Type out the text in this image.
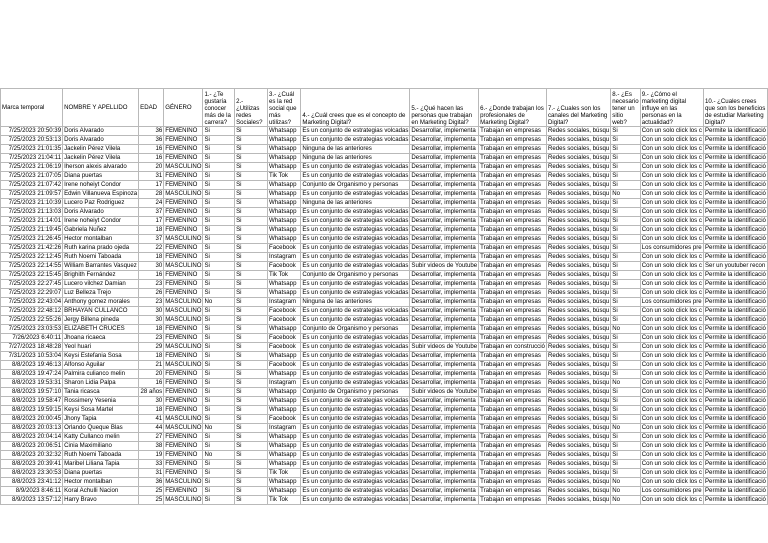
Marca temporal	NOMBRE Y APELLIDO	EDAD	GÉNERO	1.- ¿Te gustaría conocer más de la carrera?	2.- ¿Utilizas redes Sociales?	3.- ¿Cuál es la red social que más utilizas?	4.- ¿Cuál crees que es el concepto de Marketing Digital?	5.- ¿Qué hacen las personas que trabajan en Marketing Digital?	6.- ¿Donde trabajan los profesionales de Marketing Digital?	7.- ¿Cuales son los canales del Marketing Digital?	8.- ¿Es necesario tener un sitio web?	9.- ¿Cómo el marketing digital influye en las personas en la actualidad?	10.- ¿Cuales crees que son los beneficios de estudiar Marketing Digital?
7/25/2023 20:50:39	Doris Alvarado	36	FEMENINO	Si	Si	Whatsapp	Es un conjunto de estrategias volcadas	Desarrollar, implementa	Trabajan en empresas	Redes sociales, búsqu	Si	Con un solo click los c	Permite la identificació
7/25/2023 20:53:13	Doris Alvarado	36	FEMENINO	Si	Si	Whatsapp	Es un conjunto de estrategias volcadas	Desarrollar, implementa	Trabajan en empresas	Redes sociales, búsqu	Si	Con un solo click los c	Permite la identificació
7/25/2023 21:01:35	Jackelin Pérez Vilela	16	FEMENINO	Si	Si	Whatsapp	Ninguna de las anteriores	Desarrollar, implementa	Trabajan en empresas	Redes sociales, búsqu	Si	Con un solo click los c	Permite la identificació
7/25/2023 21:04:11	Jackelin Pérez Vilela	16	FEMENINO	Si	Si	Whatsapp	Ninguna de las anteriores	Desarrollar, implementa	Trabajan en empresas	Redes sociales, búsqu	Si	Con un solo click los c	Permite la identificació
7/25/2023 21:06:19	Iherson alexis alvarado	20	MASCULINO	Si	Si	Whatsapp	Es un conjunto de estrategias volcadas	Desarrollar, implementa	Trabajan en empresas	Redes sociales, búsqu	Si	Con un solo click los c	Permite la identificació
7/25/2023 21:07:05	Diana puertas	31	FEMENINO	Si	Si	Tik Tok	Es un conjunto de estrategias volcadas	Desarrollar, implementa	Trabajan en empresas	Redes sociales, búsqu	Si	Con un solo click los c	Permite la identificació
7/25/2023 21:07:42	Irene noheiyt Condor	17	FEMENINO	Si	Si	Whatsapp	Conjunto de Organismo y personas	Desarrollar, implementa	Trabajan en empresas	Redes sociales, búsqu	Si	Con un solo click los c	Permite la identificació
7/25/2023 21:09:57	Edwin Villanueva Espinoza	28	MASCULINO	Si	Si	Whatsapp	Es un conjunto de estrategias volcadas	Desarrollar, implementa	Trabajan en empresas	Redes sociales, búsqu	No	Con un solo click los c	Permite la identificació
7/25/2023 21:10:39	Lucero Paz Rodriguez	24	FEMENINO	Si	Si	Whatsapp	Ninguna de las anteriores	Desarrollar, implementa	Trabajan en empresas	Redes sociales, búsqu	Si	Con un solo click los c	Permite la identificació
7/25/2023 21:13:03	Doris Alvarado	37	FEMENINO	Si	Si	Whatsapp	Es un conjunto de estrategias volcadas	Desarrollar, implementa	Trabajan en empresas	Redes sociales, búsqu	Si	Con un solo click los c	Permite la identificació
7/25/2023 21:14:01	Irene noheiyt Condor	17	FEMENINO	Si	Si	Whatsapp	Es un conjunto de estrategias volcadas	Desarrollar, implementa	Trabajan en empresas	Redes sociales, búsqu	Si	Con un solo click los c	Permite la identificació
7/25/2023 21:19:45	Gabriela Nuñez	18	FEMENINO	Si	Si	Whatsapp	Es un conjunto de estrategias volcadas	Desarrollar, implementa	Trabajan en empresas	Redes sociales, búsqu	Si	Con un solo click los c	Permite la identificació
7/25/2023 21:26:45	Hector montalban	37	MASCULINO	Si	Si	Whatsapp	Es un conjunto de estrategias volcadas	Desarrollar, implementa	Trabajan en empresas	Redes sociales, búsqu	Si	Con un solo click los c	Permite la identificació
7/25/2023 21:42:26	Ruth karina prado ojeda	22	FEMENINO	Si	Si	Facebook	Es un conjunto de estrategias volcadas	Desarrollar, implementa	Trabajan en empresas	Redes sociales, búsqu	Si	Los consumidores pre	Permite la identificació
7/25/2023 22:12:45	Ruth Noemi Taboada	18	FEMENINO	Si	Si	Instagram	Es un conjunto de estrategias volcadas	Desarrollar, implementa	Trabajan en empresas	Redes sociales, búsqu	Si	Con un solo click los c	Permite la identificació
7/25/2023 22:14:55	William Barrantes Vasquez	30	MASCULINO	Si	Si	Facebook	Es un conjunto de estrategias volcadas	Subir videos de Youtube	Trabajan en empresas	Redes sociales, búsqu	Si	Con un solo click los c	Ser un youtuber recon
7/25/2023 22:15:45	Brighith Fernández	16	FEMENINO	Si	Si	Tik Tok	Conjunto de Organismo y personas	Desarrollar, implementa	Trabajan en empresas	Redes sociales, búsqu	Si	Con un solo click los c	Permite la identificació
7/25/2023 22:27:45	Lucero vilchez Damian	23	FEMENINO	Si	Si	Whatsapp	Es un conjunto de estrategias volcadas	Desarrollar, implementa	Trabajan en empresas	Redes sociales, búsqu	Si	Con un solo click los c	Permite la identificació
7/25/2023 22:29:07	Luz Belleza Trejo	26	FEMENINO	Si	Si	Whatsapp	Es un conjunto de estrategias volcadas	Desarrollar, implementa	Trabajan en empresas	Redes sociales, búsqu	Si	Con un solo click los c	Permite la identificació
7/25/2023 22:43:04	Anthony gomez morales	23	MASCULINO	No	Si	Instagram	Ninguna de las anteriores	Desarrollar, implementa	Trabajan en empresas	Redes sociales, búsqu	Si	Los consumidores pre	Permite la identificació
7/25/2023 22:48:12	BRHAYAN CULLANCO	30	MASCULINO	Si	Si	Facebook	Es un conjunto de estrategias volcadas	Desarrollar, implementa	Trabajan en empresas	Redes sociales, búsqu	Si	Con un solo click los c	Permite la identificació
7/25/2023 22:55:26	Jergy Billena pineda	30	MASCULINO	Si	Si	Facebook	Es un conjunto de estrategias volcadas	Desarrollar, implementa	Trabajan en empresas	Redes sociales, búsqu	Si	Con un solo click los c	Permite la identificació
7/25/2023 23:03:53	ELIZABETH CRUCES	18	FEMENINO	Si	Si	Whatsapp	Conjunto de Organismo y personas	Desarrollar, implementa	Trabajan en empresas	Redes sociales, búsqu	No	Con un solo click los c	Permite la identificació
7/26/2023 6:40:11	Jhoana ricaeca	23	FEMENINO	Si	Si	Facebook	Es un conjunto de estrategias volcadas	Desarrollar, implementa	Trabajan en empresas	Redes sociales, búsqu	Si	Con un solo click los c	Permite la identificació
7/27/2023 18:48:28	Yeol huari	29	MASCULINO	Si	Si	Facebook	Es un conjunto de estrategias volcadas	Subir videos de Youtube	Trabajan en construcció	Redes sociales, búsqu	Si	Con un solo click los c	Permite la identificació
7/31/2023 10:53:04	Keysi Estefania Sosa	18	FEMENINO	Si	Si	Whatsapp	Es un conjunto de estrategias volcadas	Desarrollar, implementa	Trabajan en empresas	Redes sociales, búsqu	Si	Con un solo click los c	Permite la identificació
8/8/2023 19:46:13	Alfonso Aguilar	21	MASCULINO	Si	Si	Facebook	Es un conjunto de estrategias volcadas	Desarrollar, implementa	Trabajan en empresas	Redes sociales, búsqu	Si	Con un solo click los c	Permite la identificació
8/8/2023 19:47:24	Palmira culianco melin	20	FEMENINO	Si	Si	Whatsapp	Es un conjunto de estrategias volcadas	Desarrollar, implementa	Trabajan en empresas	Redes sociales, búsqu	Si	Con un solo click los c	Permite la identificació
8/8/2023 19:53:31	Sharon Lidia Palpa	16	FEMENINO	Si	Si	Instagram	Es un conjunto de estrategias volcadas	Desarrollar, implementa	Trabajan en empresas	Redes sociales, búsqu	No	Con un solo click los c	Permite la identificació
8/8/2023 19:57:10	Tania ricasca	28 años	FEMENINO	Si	Si	Whatsapp	Conjunto de Organismo y personas	Subir videos de Youtube	Trabajan en empresas	Redes sociales, búsqu	Si	Con un solo click los c	Permite la identificació
8/8/2023 19:58:47	Rossimery Yesenia	30	FEMENINO	Si	Si	Whatsapp	Es un conjunto de estrategias volcadas	Desarrollar, implementa	Trabajan en empresas	Redes sociales, búsqu	Si	Con un solo click los c	Permite la identificació
8/8/2023 19:59:15	Keysi Sosa Martel	18	FEMENINO	Si	Si	Whatsapp	Es un conjunto de estrategias volcadas	Desarrollar, implementa	Trabajan en empresas	Redes sociales, búsqu	Si	Con un solo click los c	Permite la identificació
8/8/2023 20:00:45	Jhony Tapia	41	MASCULINO	Si	Si	Facebook	Es un conjunto de estrategias volcadas	Desarrollar, implementa	Trabajan en empresas	Redes sociales, búsqu	Si	Con un solo click los c	Permite la identificació
8/8/2023 20:03:13	Orlando Queque Blas	44	MASCULINO	No	Si	Instagram	Es un conjunto de estrategias volcadas	Desarrollar, implementa	Trabajan en empresas	Redes sociales, búsqu	No	Con un solo click los c	Permite la identificació
8/8/2023 20:04:14	Katty Cullanco melin	27	FEMENINO	Si	Si	Whatsapp	Es un conjunto de estrategias volcadas	Desarrollar, implementa	Trabajan en empresas	Redes sociales, búsqu	Si	Con un solo click los c	Permite la identificació
8/8/2023 20:06:51	Cinia Maximiliano	38	FEMENINO	Si	Si	Whatsapp	Es un conjunto de estrategias volcadas	Desarrollar, implementa	Trabajan en empresas	Redes sociales, búsqu	Si	Con un solo click los c	Permite la identificació
8/8/2023 20:32:32	Ruth Noemi Taboada	19	FEMENINO	No	Si	Whatsapp	Es un conjunto de estrategias volcadas	Desarrollar, implementa	Trabajan en empresas	Redes sociales, búsqu	Si	Con un solo click los c	Permite la identificació
8/8/2023 20:39:41	Maribel Liliana Tapia	33	FEMENINO	Si	Si	Whatsapp	Es un conjunto de estrategias volcadas	Desarrollar, implementa	Trabajan en empresas	Redes sociales, búsqu	Si	Con un solo click los c	Permite la identificació
8/8/2023 23:30:53	Diana puertas	31	FEMENINO	Si	Si	Tik Tok	Es un conjunto de estrategias volcadas	Desarrollar, implementa	Trabajan en empresas	Redes sociales, búsqu	Si	Con un solo click los c	Permite la identificació
8/8/2023 23:41:12	Hector montalban	36	MASCULINO	Si	Si	Whatsapp	Es un conjunto de estrategias volcadas	Desarrollar, implementa	Trabajan en empresas	Redes sociales, búsqu	No	Con un solo click los c	Permite la identificació
8/9/2023 8:46:11	Koral Achulli Nacion	25	FEMENINO	Si	Si	Whatsapp	Es un conjunto de estrategias volcadas	Desarrollar, implementa	Trabajan en empresas	Redes sociales, búsqu	No	Los consumidores pre	Permite la identificació
8/9/2023 13:57:12	Harry Bravo	25	MASCULINO	Si	Si	Tik Tok	Es un conjunto de estrategias volcadas	Desarrollar, implementa	Trabajan en empresas	Redes sociales, búsqu	No	Con un solo click los c	Permite la identificació
